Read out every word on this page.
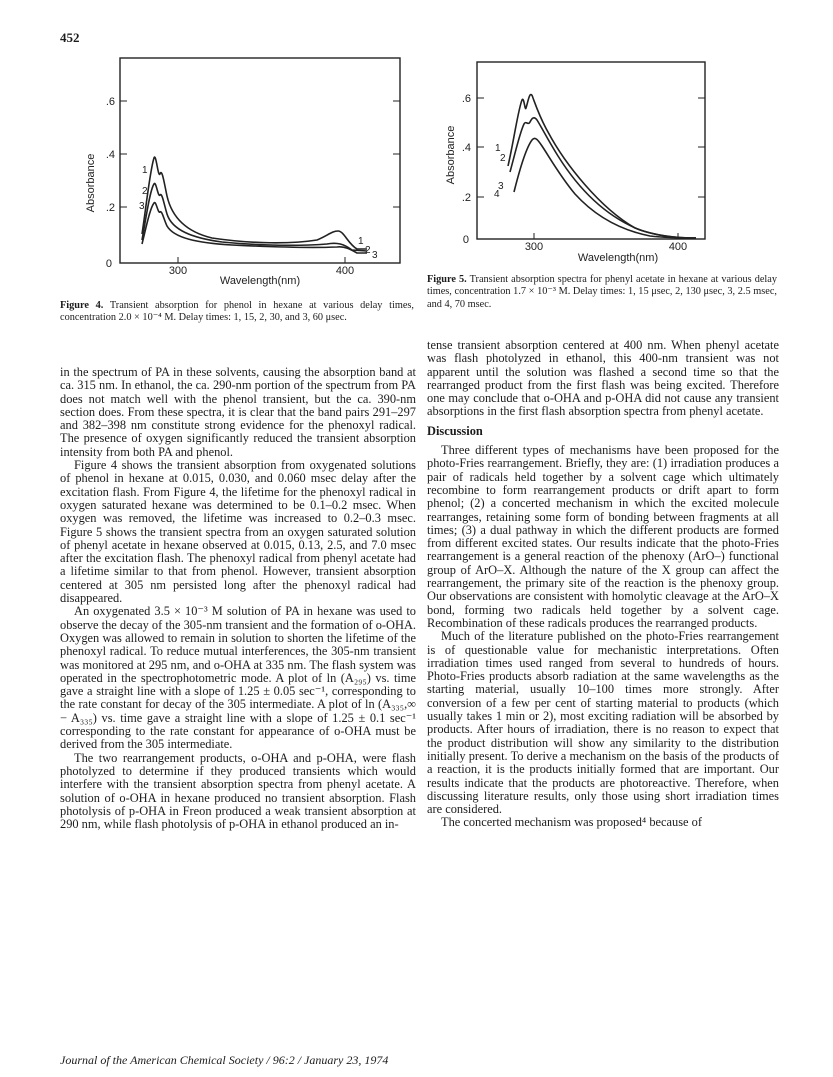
452
0
.2
.4
.6
300	400
Wavelength(nm)
Absorbance	1
2
3
1
2 3
Figure 4. Transient absorption for phenol in hexane at various delay times, concentration 2.0 × 10⁻⁴ M. Delay times: 1, 15, 2, 30, and 3, 60 μsec.
0
.2
.4
.6
300	400
Wavelength(nm)
Absorbance	1
2
3
4
Figure 5. Transient absorption spectra for phenyl acetate in hexane at various delay times, concentration 1.7 × 10⁻³ M. Delay times: 1, 15 μsec, 2, 130 μsec, 3, 2.5 msec, and 4, 70 msec.

in the spectrum of PA in these solvents, causing the absorption band at ca. 315 nm. In ethanol, the ca. 290-nm portion of the spectrum from PA does not match well with the phenol transient, but the ca. 390-nm section does. From these spectra, it is clear that the band pairs 291–297 and 382–398 nm constitute strong evidence for the phenoxyl radical. The presence of oxygen significantly reduced the transient absorption intensity from both PA and phenol.

Figure 4 shows the transient absorption from oxygenated solutions of phenol in hexane at 0.015, 0.030, and 0.060 msec delay after the excitation flash. From Figure 4, the lifetime for the phenoxyl radical in oxygen saturated hexane was determined to be 0.1–0.2 msec. When oxygen was removed, the lifetime was increased to 0.2–0.3 msec. Figure 5 shows the transient spectra from an oxygen saturated solution of phenyl acetate in hexane observed at 0.015, 0.13, 2.5, and 7.0 msec after the excitation flash. The phenoxyl radical from phenyl acetate had a lifetime similar to that from phenol. However, transient absorption centered at 305 nm persisted long after the phenoxyl radical had disappeared.

An oxygenated 3.5 × 10⁻³ M solution of PA in hexane was used to observe the decay of the 305-nm transient and the formation of o-OHA. Oxygen was allowed to remain in solution to shorten the lifetime of the phenoxyl radical. To reduce mutual interferences, the 305-nm transient was monitored at 295 nm, and o-OHA at 335 nm. The flash system was operated in the spectrophotometric mode. A plot of ln (A₂₉₅) vs. time gave a straight line with a slope of 1.25 ± 0.05 sec⁻¹, corresponding to the rate constant for decay of the 305 intermediate. A plot of ln (A₃₃₅,∞ − A₃₃₅) vs. time gave a straight line with a slope of 1.25 ± 0.1 sec⁻¹ corresponding to the rate constant for appearance of o-OHA must be derived from the 305 intermediate.

The two rearrangement products, o-OHA and p-OHA, were flash photolyzed to determine if they produced transients which would interfere with the transient absorption spectra from phenyl acetate. A solution of o-OHA in hexane produced no transient absorption. Flash photolysis of p-OHA in Freon produced a weak transient absorption at 290 nm, while flash photolysis of p-OHA in ethanol produced an in-

tense transient absorption centered at 400 nm. When phenyl acetate was flash photolyzed in ethanol, this 400-nm transient was not apparent until the solution was flashed a second time so that the rearranged product from the first flash was being excited. Therefore one may conclude that o-OHA and p-OHA did not cause any transient absorptions in the first flash absorption spectra from phenyl acetate.

Discussion

Three different types of mechanisms have been proposed for the photo-Fries rearrangement. Briefly, they are: (1) irradiation produces a pair of radicals held together by a solvent cage which ultimately recombine to form rearrangement products or drift apart to form phenol; (2) a concerted mechanism in which the excited molecule rearranges, retaining some form of bonding between fragments at all times; (3) a dual pathway in which the different products are formed from different excited states. Our results indicate that the photo-Fries rearrangement is a general reaction of the phenoxy (ArO–) functional group of ArO–X. Although the nature of the X group can affect the rearrangement, the primary site of the reaction is the phenoxy group. Our observations are consistent with homolytic cleavage at the ArO–X bond, forming two radicals held together by a solvent cage. Recombination of these radicals produces the rearranged products.

Much of the literature published on the photo-Fries rearrangement is of questionable value for mechanistic interpretations. Often irradiation times used ranged from several to hundreds of hours. Photo-Fries products absorb radiation at the same wavelengths as the starting material, usually 10–100 times more strongly. After conversion of a few per cent of starting material to products (which usually takes 1 min or 2), most exciting radiation will be absorbed by products. After hours of irradiation, there is no reason to expect that the product distribution will show any similarity to the distribution initially present. To derive a mechanism on the basis of the products of a reaction, it is the products initially formed that are important. Our results indicate that the products are photoreactive. Therefore, when discussing literature results, only those using short irradiation times are considered.

The concerted mechanism was proposed⁴ because of

Journal of the American Chemical Society / 96:2 / January 23, 1974
